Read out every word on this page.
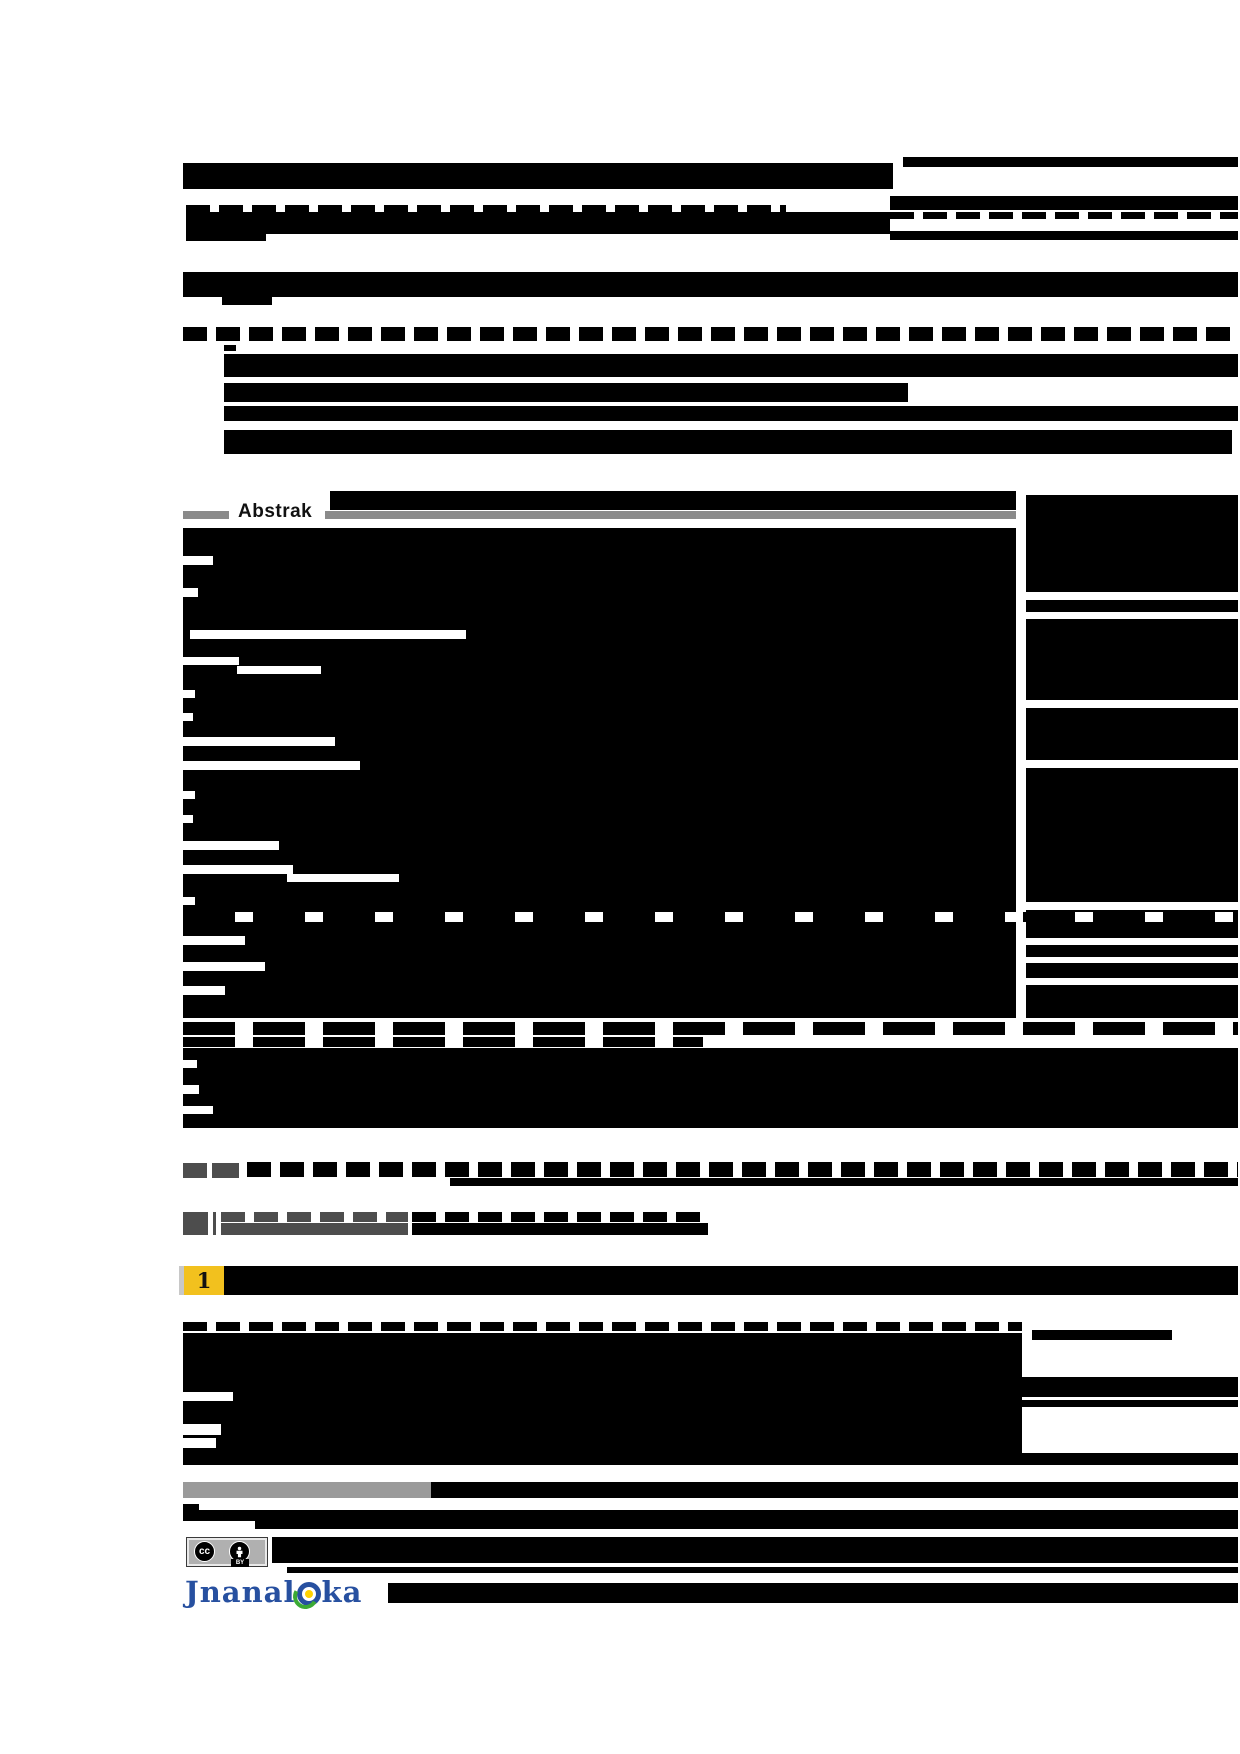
Abstrak
1
cc
BY
Jnanal ka
